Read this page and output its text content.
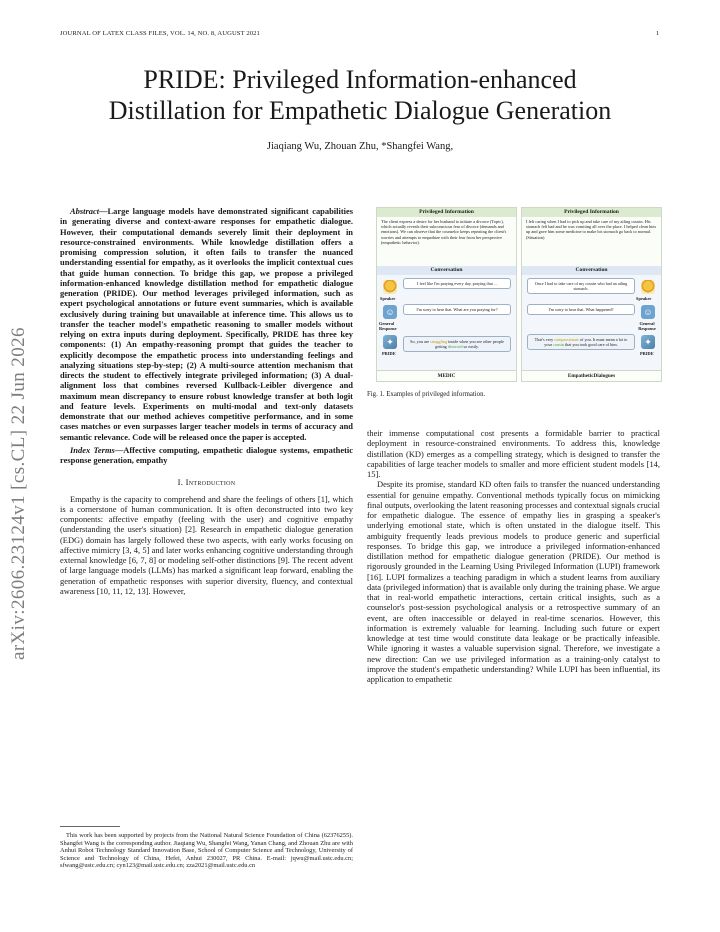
JOURNAL OF LATEX CLASS FILES, VOL. 14, NO. 8, AUGUST 2021	1
PRIDE: Privileged Information-enhanced
Distillation for Empathetic Dialogue Generation
Jiaqiang Wu, Zhouan Zhu, *Shangfei Wang,
arXiv:2606.23124v1 [cs.CL] 22 Jun 2026
Abstract—Large language models have demonstrated significant capabilities in generating diverse and context-aware responses for empathetic dialogue. However, their computational demands severely limit their deployment in resource-constrained environments. While knowledge distillation offers a promising compression solution, it often fails to transfer the nuanced understanding essential for empathy, as it overlooks the implicit contextual cues that guide human connection. To bridge this gap, we propose a privileged information-enhanced knowledge distillation method for empathetic dialogue generation (PRIDE). Our method leverages privileged information, such as expert psychological annotations or future event summaries, which is available exclusively during training but unavailable at inference time. This allows us to transfer the teacher model's empathetic reasoning to smaller models without relying on extra inputs during deployment. Specifically, PRIDE has three key components: (1) An empathy-reasoning prompt that guides the teacher to explicitly decompose the empathetic process into understanding feelings and analyzing situations step-by-step; (2) A multi-source attention mechanism that directs the student to effectively integrate privileged information; (3) A dual-alignment loss that combines reversed Kullback-Leibler divergence and maximum mean discrepancy to ensure robust knowledge transfer at both logit and feature levels. Experiments on multi-modal and text-only datasets demonstrate that our method achieves competitive performance, and in some cases matches or even surpasses larger teacher models in terms of accuracy and semantic relevance. Code will be released once the paper is accepted.
Index Terms—Affective computing, empathetic dialogue systems, empathetic response generation, empathy
I. Introduction

Empathy is the capacity to comprehend and share the feelings of others [1], which is a cornerstone of human communication. It is often deconstructed into two key components: affective empathy (feeling with the user) and cognitive empathy (understanding the user's situation) [2]. Research in empathetic dialogue generation (EDG) domain has largely followed these two aspects, with early works focusing on affective mimicry [3, 4, 5] and later works enhancing cognitive understanding through external knowledge [6, 7, 8] or modeling self-other distinctions [9]. The recent advent of large language models (LLMs) has marked a significant leap forward, enabling the generation of empathetic responses with superior diversity, fluency, and contextual awareness [10, 11, 12, 13]. However,

This work has been supported by projects from the National Natural Science Foundation of China (62376255). Shangfei Wang is the corresponding author. Jiaqiang Wu, Shangfei Wang, Yanan Chang, and Zhouan Zhu are with Anhui Robot Technology Standard Innovation Base, School of Computer Science and Technology, University of Science and Technology of China, Hefei, Anhui 230027, PR China. E-mail: jqwu@mail.ustc.edu.cn; sfwang@ustc.edu.cn; cyn123@mail.ustc.edu.cn; zza2021@mail.ustc.edu.cn

Privileged Information
The client express a desire for her husband to initiate a divorce (Topic), which actually reveals their subconscious fear of divorce (demands and emotions). We can observe that the counselor keeps repeating the client's worries and attempts to empathize with their fear from her perspective (empathetic behavior).
Conversation
Speaker
I feel like I'm praying every day, praying that ...
☺
General Response
I'm sorry to hear that. What are you praying for?
✦
PRIDE
So, you are struggling inside when you see other people getting divorced so easily.
MEDIC
Privileged Information
I felt caring when I had to pick up and take care of my ailing cousin. His stomach felt bad and he was vomiting all over the place. I helped clean him up and gave him some medicine to make his stomach go back to normal. (Situation)
Conversation
Once I had to take care of my cousin who had an ailing stomach.
Speaker
I'm sorry to hear that. What happened?	☺
General Response
That's very compassionate of you. It must mean a lot to your cousin that you took good care of him.	✦
PRIDE
EmpatheticDialogues
Fig. 1. Examples of privileged information.

their immense computational cost presents a formidable barrier to practical deployment in resource-constrained environments. To address this, knowledge distillation (KD) emerges as a compelling strategy, which is designed to transfer the capabilities of large teacher models to smaller and more efficient student models [14, 15].

Despite its promise, standard KD often fails to transfer the nuanced understanding essential for genuine empathy. Conventional methods typically focus on mimicking final outputs, overlooking the latent reasoning processes and contextual signals crucial for empathetic dialogue. The essence of empathy lies in grasping a speaker's underlying emotional state, which is often unstated in the dialogue itself. This ambiguity frequently leads previous models to produce generic and superficial responses. To bridge this gap, we introduce a privileged information-enhanced distillation method for empathetic dialogue generation (PRIDE). Our method is rigorously grounded in the Learning Using Privileged Information (LUPI) framework [16]. LUPI formalizes a teaching paradigm in which a student learns from auxiliary data (privileged information) that is available only during the training phase. We argue that in real-world empathetic interactions, certain critical insights, such as a counselor's post-session psychological analysis or a retrospective summary of an event, are often inaccessible or delayed in real-time scenarios. However, this information is extremely valuable for learning. Including such future or expert knowledge at test time would constitute data leakage or be practically infeasible. While ignoring it wastes a valuable supervision signal. Therefore, we investigate a new direction: Can we use privileged information as a training-only catalyst to improve the student's empathetic understanding? While LUPI has been influential, its application to empathetic
